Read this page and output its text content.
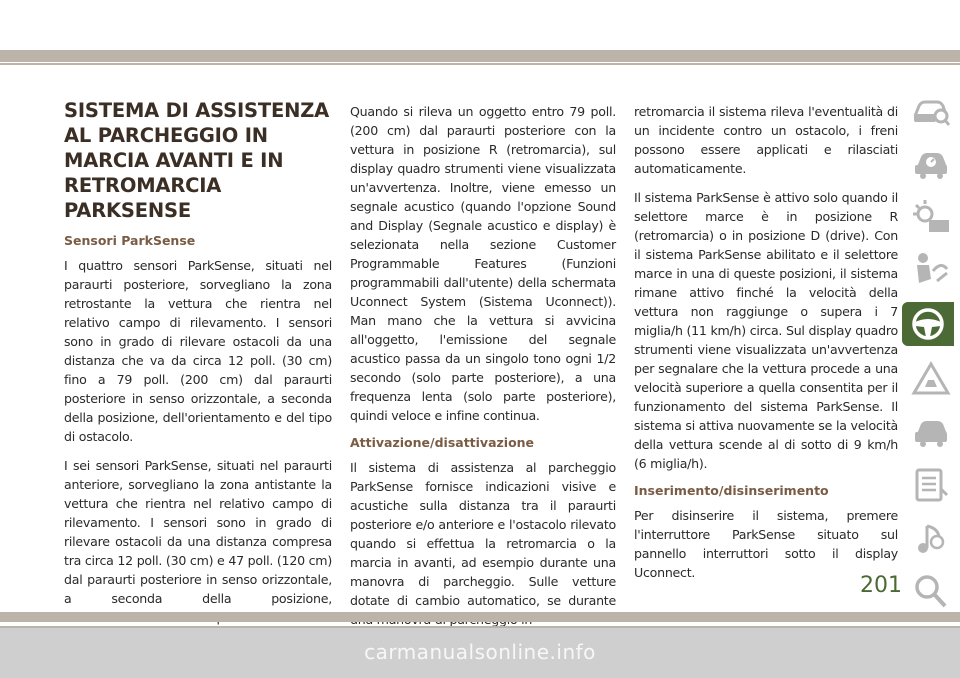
SISTEMA DI ASSISTENZA AL PARCHEGGIO IN MARCIA AVANTI E IN RETROMARCIA PARKSENSE
Sensori ParkSense

I quattro sensori ParkSense, situati nel paraurti posteriore, sorvegliano la zona retrostante la vettura che rientra nel relativo campo di rilevamento. I sensori sono in grado di rilevare ostacoli da una distanza che va da circa 12 poll. (30 cm) fino a 79 poll. (200 cm) dal paraurti posteriore in senso orizzontale, a seconda della posizione, dell'orientamento e del tipo di ostacolo.

I sei sensori ParkSense, situati nel paraurti anteriore, sorvegliano la zona antistante la vettura che rientra nel relativo campo di rilevamento. I sensori sono in grado di rilevare ostacoli da una distanza compresa tra circa 12 poll. (30 cm) e 47 poll. (120 cm) dal paraurti posteriore in senso orizzontale, a seconda della posizione,

Quando si rileva un oggetto entro 79 poll. (200 cm) dal paraurti posteriore con la vettura in posizione R (retromarcia), sul display quadro strumenti viene visualizzata un'avvertenza. Inoltre, viene emesso un segnale acustico (quando l'opzione Sound and Display (Segnale acustico e display) è selezionata nella sezione Customer Programmable Features (Funzioni programmabili dall'utente) della schermata Uconnect System (Sistema Uconnect)). Man mano che la vettura si avvicina all'oggetto, l'emissione del segnale acustico passa da un singolo tono ogni 1/2 secondo (solo parte posteriore), a una frequenza lenta (solo parte posteriore), quindi veloce e infine continua.

Attivazione/disattivazione

Il sistema di assistenza al parcheggio ParkSense fornisce indicazioni visive e acustiche sulla distanza tra il paraurti posteriore e/o anteriore e l'ostacolo rilevato quando si effettua la retromarcia o la marcia in avanti, ad esempio durante una manovra di parcheggio. Sulle vetture dotate di cambio automatico, se durante

retromarcia il sistema rileva l'eventualità di un incidente contro un ostacolo, i freni possono essere applicati e rilasciati automaticamente.

Il sistema ParkSense è attivo solo quando il selettore marce è in posizione R (retromarcia) o in posizione D (drive). Con il sistema ParkSense abilitato e il selettore marce in una di queste posizioni, il sistema rimane attivo finché la velocità della vettura non raggiunge o supera i 7 miglia/h (11 km/h) circa. Sul display quadro strumenti viene visualizzata un'avvertenza per segnalare che la vettura procede a una velocità superiore a quella consentita per il funzionamento del sistema ParkSense. Il sistema si attiva nuovamente se la velocità della vettura scende al di sotto di 9 km/h (6 miglia/h).

Inserimento/disinserimento

Per disinserire il sistema, premere l'interruttore ParkSense situato sul pannello interruttori sotto il display Uconnect.

201
carmanualsonline.info
